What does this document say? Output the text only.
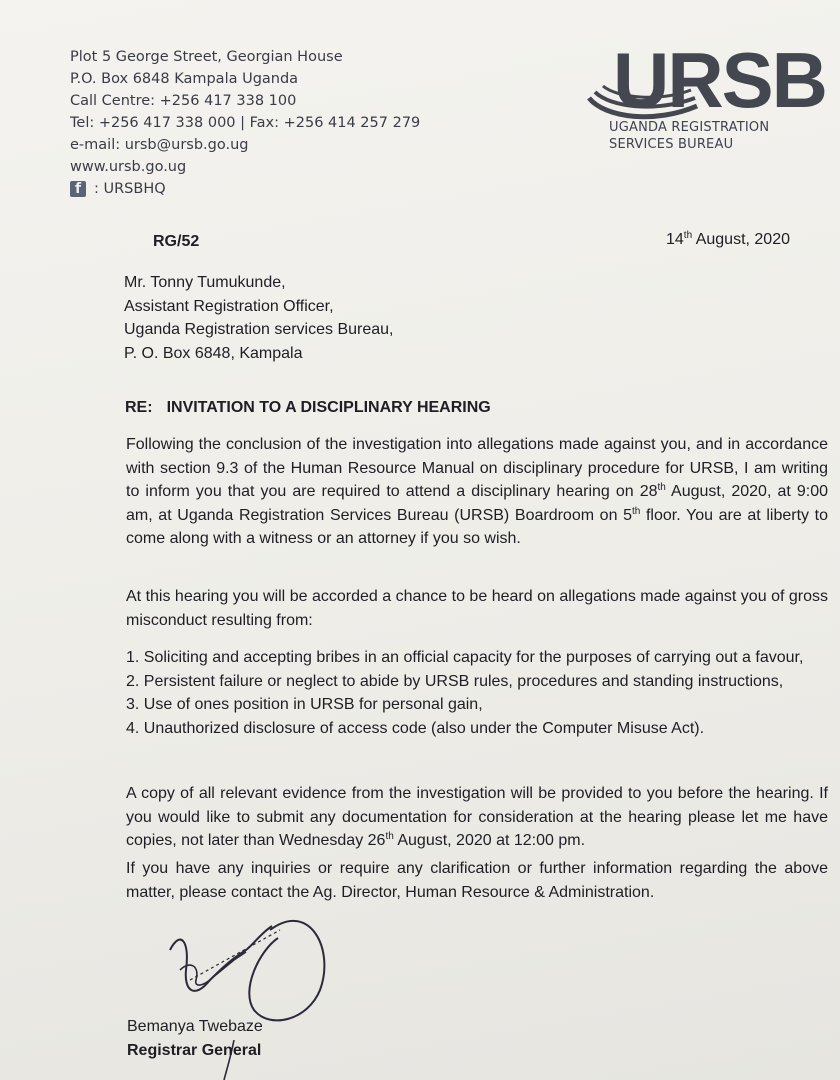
Plot 5 George Street, Georgian House
P.O. Box 6848 Kampala Uganda
Call Centre: +256 417 338 100
Tel: +256 417 338 000 | Fax: +256 414 257 279
e-mail: ursb@ursb.go.ug
www.ursb.go.ug
f : URSBHQ
URSB
UGANDA REGISTRATION
SERVICES BUREAU
RG/52	14th August, 2020
Mr. Tonny Tumukunde,
Assistant Registration Officer,
Uganda Registration services Bureau,
P. O. Box 6848, Kampala
RE: INVITATION TO A DISCIPLINARY HEARING
Following the conclusion of the investigation into allegations made against you, and in accordance with section 9.3 of the Human Resource Manual on disciplinary procedure for URSB, I am writing to inform you that you are required to attend a disciplinary hearing on 28th August, 2020, at 9:00 am, at Uganda Registration Services Bureau (URSB) Boardroom on 5th floor. You are at liberty to come along with a witness or an attorney if you so wish.
At this hearing you will be accorded a chance to be heard on allegations made against you of gross misconduct resulting from:
1. Soliciting and accepting bribes in an official capacity for the purposes of carrying out a favour,
2. Persistent failure or neglect to abide by URSB rules, procedures and standing instructions,
3. Use of ones position in URSB for personal gain,
4. Unauthorized disclosure of access code (also under the Computer Misuse Act).
A copy of all relevant evidence from the investigation will be provided to you before the hearing. If you would like to submit any documentation for consideration at the hearing please let me have copies, not later than Wednesday 26th August, 2020 at 12:00 pm.
If you have any inquiries or require any clarification or further information regarding the above matter, please contact the Ag. Director, Human Resource & Administration.
Bemanya Twebaze
Registrar General
